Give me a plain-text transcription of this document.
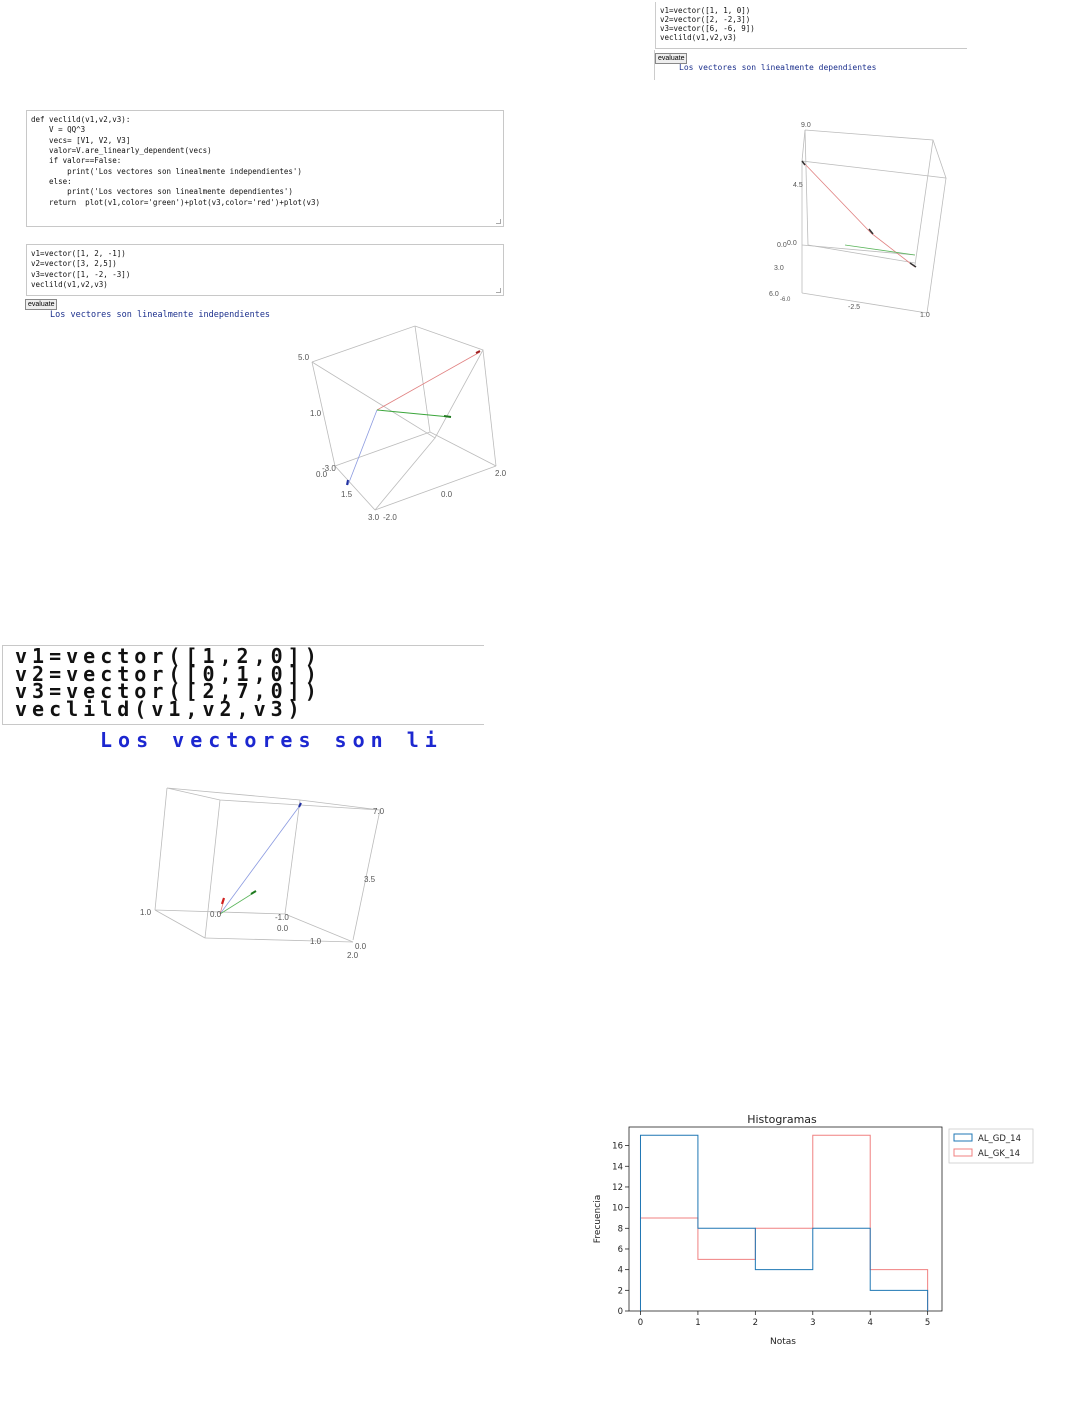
v1=vector([1, 1, 0])
v2=vector([2, -2,3])
v3=vector([6, -6, 9])
veclild(v1,v2,v3)
evaluate
Los vectores son linealmente dependientes
9.0
4.5
0.0 0.0
3.0
6.0
-6.0
-2.5
1.0
def veclild(v1,v2,v3):
V = QQ^3
vecs= [V1, V2, V3]
valor=V.are_linearly_dependent(vecs)
if valor==False:
print('Los vectores son linealmente independientes')
else:
print('Los vectores son linealmente dependientes')
return  plot(v1,color='green')+plot(v3,color='red')+plot(v3)
v1=vector([1, 2, -1])
v2=vector([3, 2,5])
v3=vector([1, -2, -3])
veclild(v1,v2,v3)
evaluate
Los vectores son linealmente independientes
5.0
1.0
-3.0
0.0
1.5
3.0 -2.0
0.0
2.0
v1=vector([1,2,0])
v2=vector([0,1,0])
v3=vector([2,7,0])
veclild(v1,v2,v3)
Los vectores son li
7.0
3.5
1.0	0.0	-1.0
0.0
1.0
0.0
2.0
Histogramas
0
2
4
6
8
10
12
14
16
0	1	2	3	4	5
Frecuencia
Notas
AL_GD_14
AL_GK_14
